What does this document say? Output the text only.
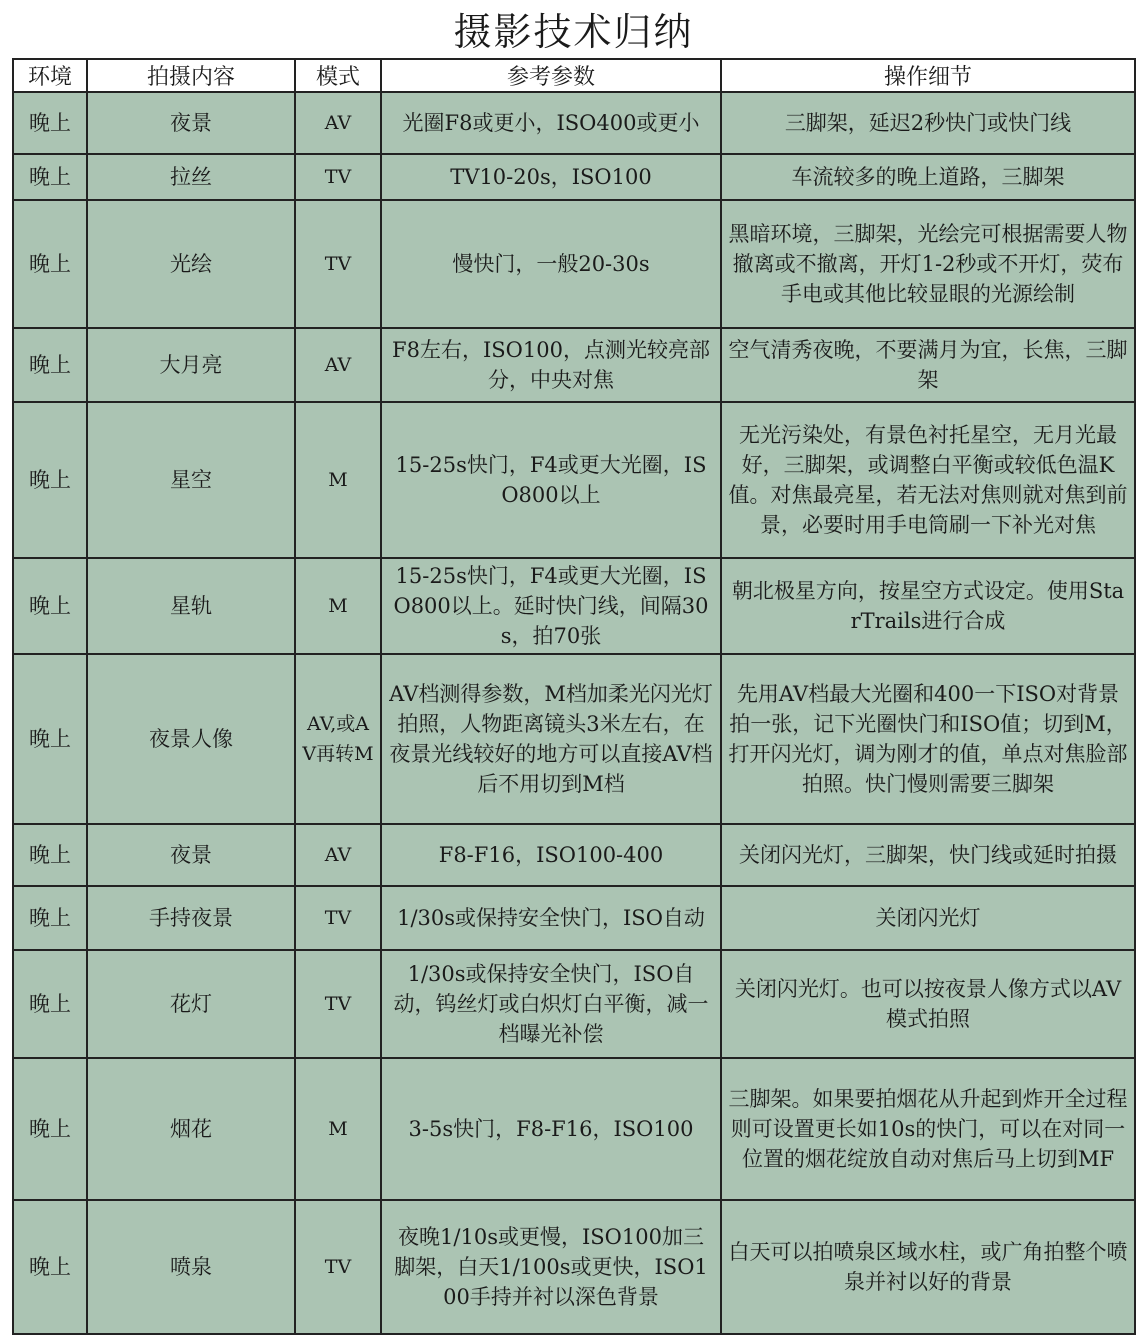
摄影技术归纳
环境	拍摄内容	模式	参考参数	操作细节
晚上	夜景	AV	光圈F8或更小，ISO400或更小	三脚架，延迟2秒快门或快门线
晚上	拉丝	TV	TV10-20s，ISO100	车流较多的晚上道路，三脚架
晚上	光绘	TV	慢快门，一般20-30s	黑暗环境，三脚架，光绘完可根据需要人物撤离或不撤离，开灯1-2秒或不开灯，荧布手电或其他比较显眼的光源绘制
晚上	大月亮	AV	F8左右，ISO100，点测光较亮部分，中央对焦	空气清秀夜晚，不要满月为宜，长焦，三脚架
晚上	星空	M	15-25s快门，F4或更大光圈，ISO800以上	无光污染处，有景色衬托星空，无月光最好，三脚架，或调整白平衡或较低色温K值。对焦最亮星，若无法对焦则就对焦到前景，必要时用手电筒刷一下补光对焦
晚上	星轨	M	15-25s快门，F4或更大光圈，ISO800以上。延时快门线，间隔30s，拍70张	朝北极星方向，按星空方式设定。使用StarTrails进行合成
晚上	夜景人像	AV,或AV再转M	AV档测得参数，M档加柔光闪光灯拍照，人物距离镜头3米左右，在夜景光线较好的地方可以直接AV档后不用切到M档	先用AV档最大光圈和400一下ISO对背景拍一张，记下光圈快门和ISO值；切到M，打开闪光灯，调为刚才的值，单点对焦脸部拍照。快门慢则需要三脚架
晚上	夜景	AV	F8-F16，ISO100-400	关闭闪光灯，三脚架，快门线或延时拍摄
晚上	手持夜景	TV	1/30s或保持安全快门，ISO自动	关闭闪光灯
晚上	花灯	TV	1/30s或保持安全快门，ISO自动，钨丝灯或白炽灯白平衡，减一档曝光补偿	关闭闪光灯。也可以按夜景人像方式以AV模式拍照
晚上	烟花	M	3-5s快门，F8-F16，ISO100	三脚架。如果要拍烟花从升起到炸开全过程则可设置更长如10s的快门，可以在对同一位置的烟花绽放自动对焦后马上切到MF
晚上	喷泉	TV	夜晚1/10s或更慢，ISO100加三脚架，白天1/100s或更快，ISO100手持并衬以深色背景	白天可以拍喷泉区域水柱，或广角拍整个喷泉并衬以好的背景
